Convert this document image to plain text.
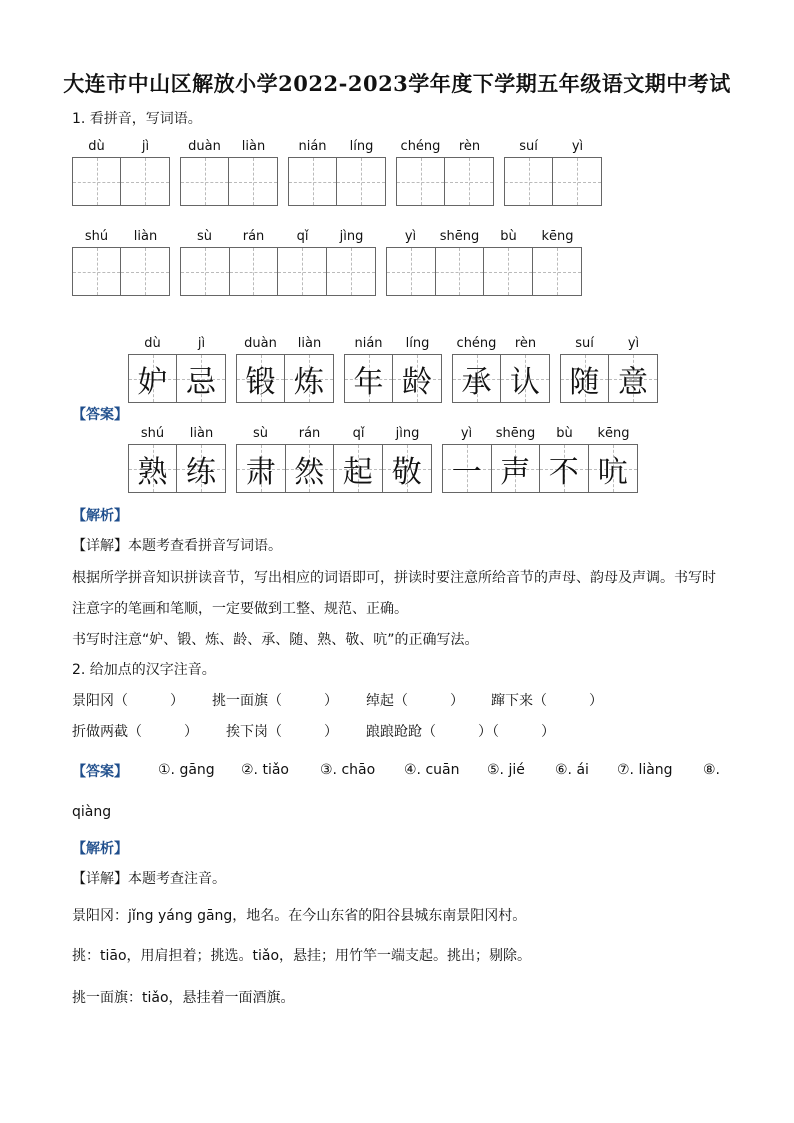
大连市中山区解放小学2022-2023学年度下学期五年级语文期中考试
1. 看拼音，写词语。
dù	jì	duàn	liàn	nián	líng	chéng	rèn	suí	yì
shú	liàn	sù	rán	qǐ	jìng	yì	shēng	bù	kēng
【答案】
dù	jì
妒 忌
duàn	liàn
锻 炼
nián	líng
年 龄
chéng	rèn
承 认
suí	yì
随 意
shú	liàn
熟 练
sù	rán	qǐ	jìng
肃 然 起 敬
yì	shēng	bù	kēng
一 声 不 吭
【解析】
【详解】本题考查看拼音写词语。
根据所学拼音知识拼读音节，写出相应的词语即可，拼读时要注意所给音节的声母、韵母及声调。书写时
注意字的笔画和笔顺，一定要做到工整、规范、正确。
书写时注意“妒、锻、炼、龄、承、随、熟、敬、吭”的正确写法。
2. 给加点的汉字注音。
景阳冈（　　　） 挑一面旗（　　　） 绰起（　　　） 蹿下来（　　　）
折做两截（　　　） 挨下岗（　　　） 踉踉跄跄（　　　）（　　　）
【答案】 ①. gāng ②. tiǎo ③. chāo ④. cuān ⑤. jié ⑥. ái ⑦. liàng ⑧.
qiàng
【解析】
【详解】本题考查注音。
景阳冈：jǐng yáng gāng，地名。在今山东省的阳谷县城东南景阳冈村。
挑：tiāo，用肩担着；挑选。tiǎo，悬挂；用竹竿一端支起。挑出；剔除。
挑一面旗：tiǎo，悬挂着一面酒旗。
